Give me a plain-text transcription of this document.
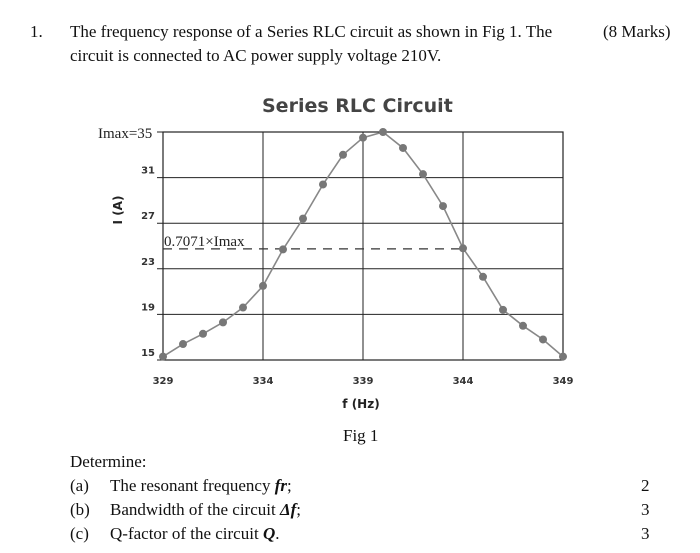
1. The frequency response of a Series RLC circuit as shown in Fig 1. The	(8 Marks)
circuit is connected to AC power supply voltage 210V.
Series RLC Circuit
329	334	339	344	349
15
19
23
27
31
Imax=35
0.7071×Imax
f (Hz)
I (A)
Fig 1
Determine:
(a) The resonant frequency fr;	2
(b) Bandwidth of the circuit Δf;	3
(c) Q-factor of the circuit Q.	3
